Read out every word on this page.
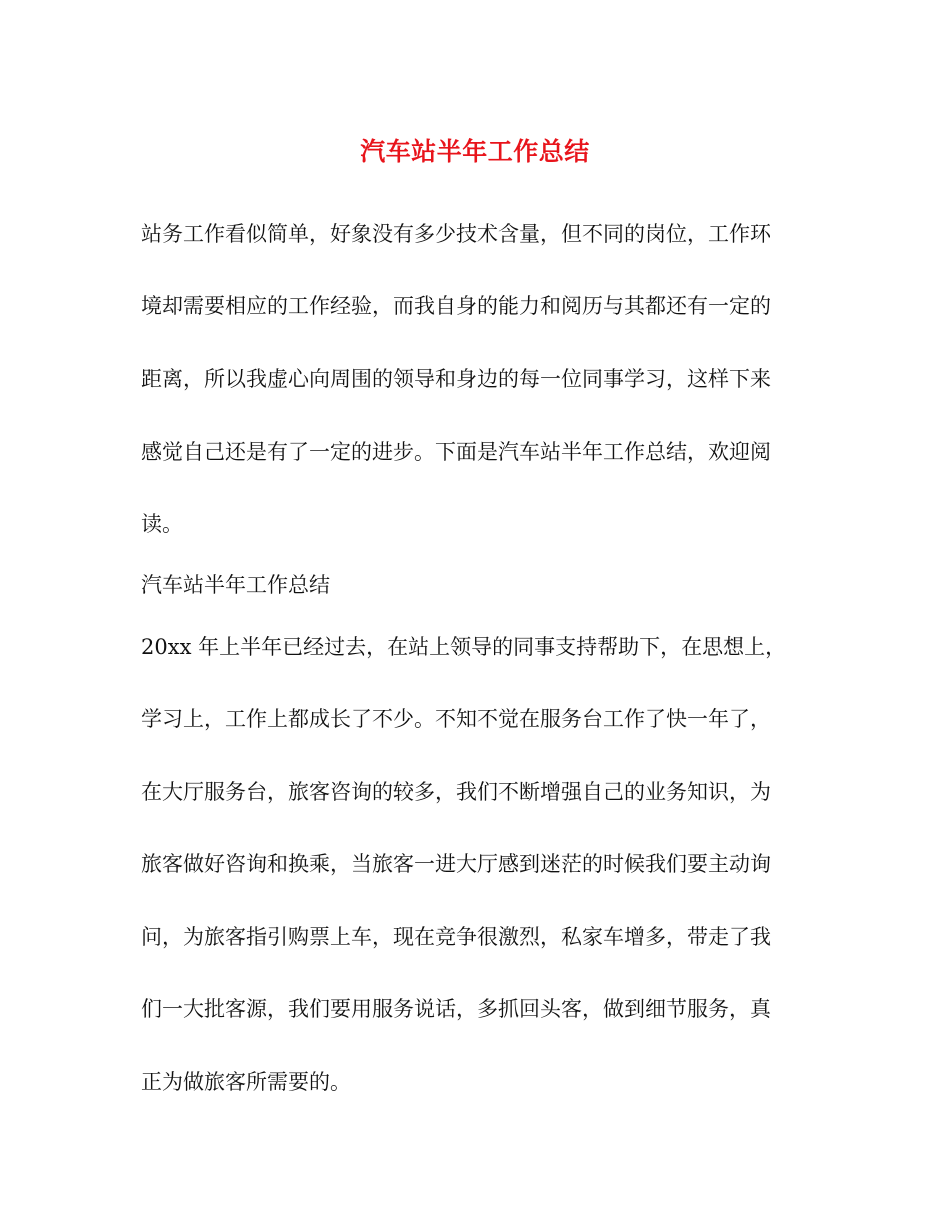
汽车站半年工作总结

站务工作看似简单，好象没有多少技术含量，但不同的岗位，工作环

境却需要相应的工作经验，而我自身的能力和阅历与其都还有一定的

距离，所以我虚心向周围的领导和身边的每一位同事学习，这样下来

感觉自己还是有了一定的进步。下面是汽车站半年工作总结，欢迎阅

读。

汽车站半年工作总结

20xx 年上半年已经过去，在站上领导的同事支持帮助下，在思想上，

学习上，工作上都成长了不少。不知不觉在服务台工作了快一年了，

在大厅服务台，旅客咨询的较多，我们不断增强自己的业务知识，为

旅客做好咨询和换乘，当旅客一进大厅感到迷茫的时候我们要主动询

问，为旅客指引购票上车，现在竞争很激烈，私家车增多，带走了我

们一大批客源，我们要用服务说话，多抓回头客，做到细节服务，真

正为做旅客所需要的。
